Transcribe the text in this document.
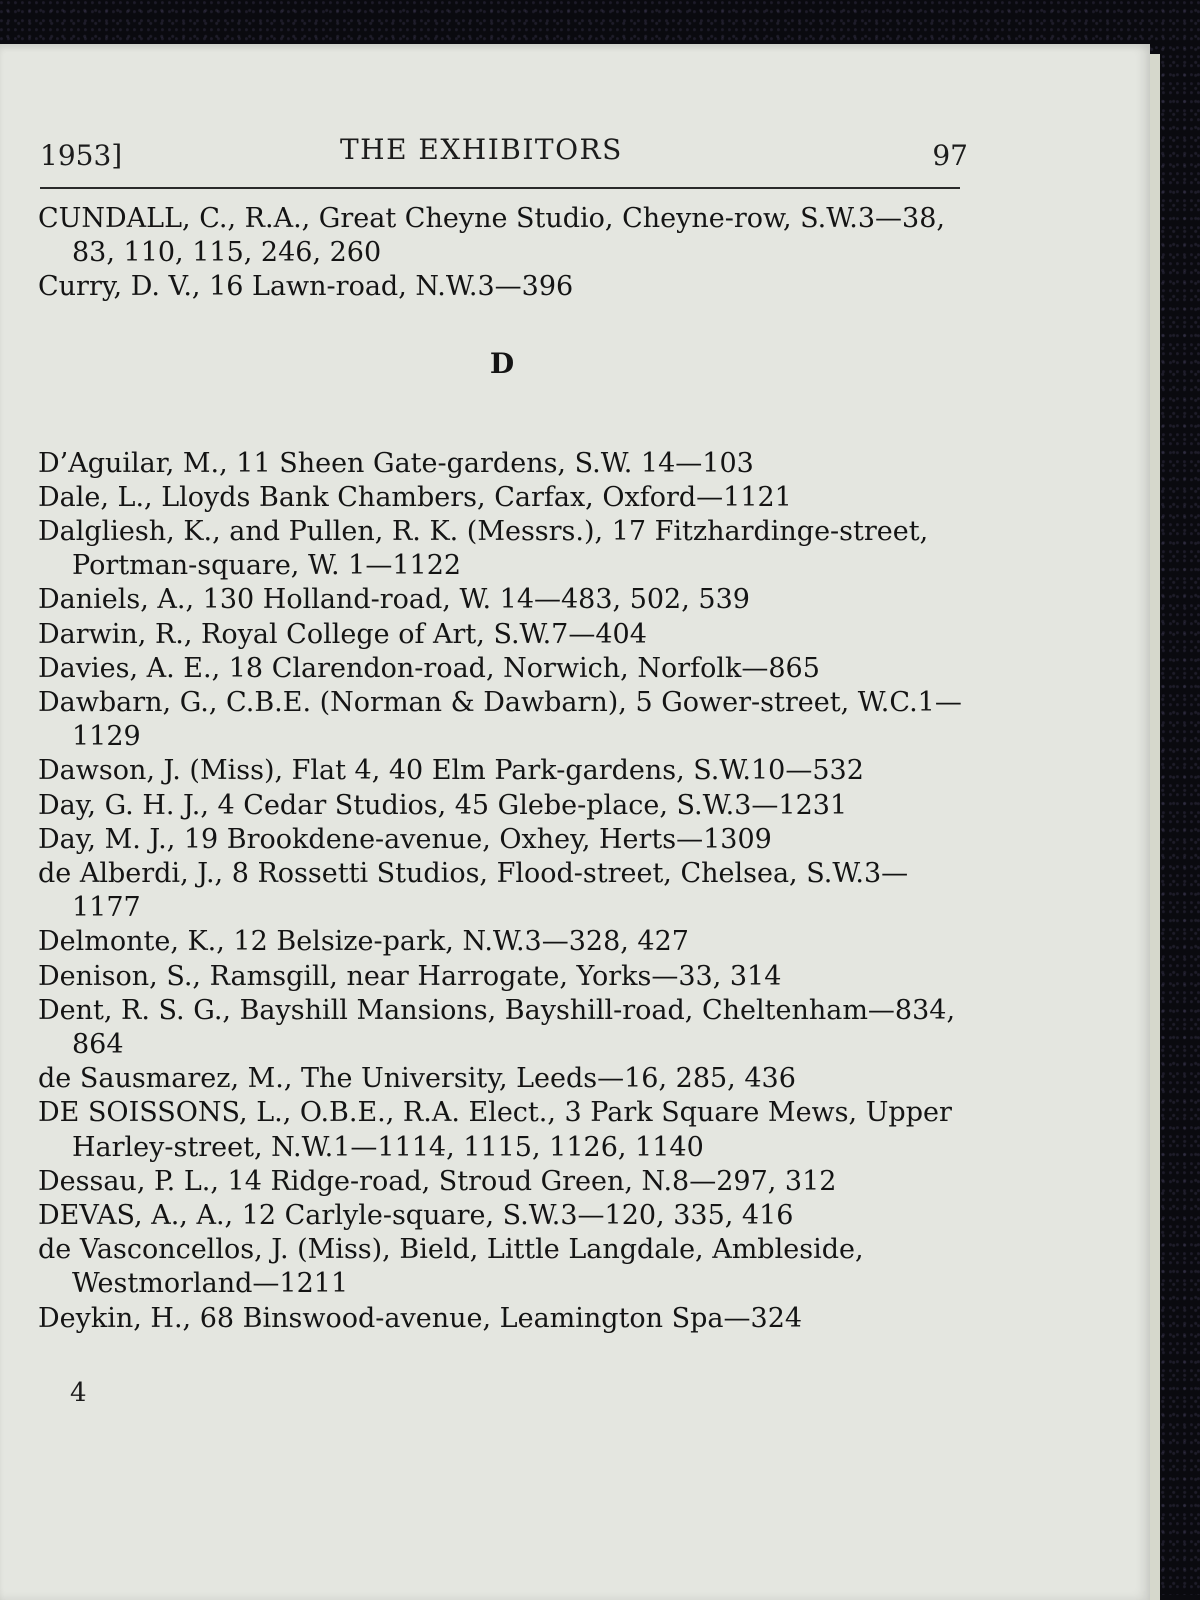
1953]	THE EXHIBITORS	97

CUNDALL, C., R.A., Great Cheyne Studio, Cheyne-row, S.W.3—38, 83, 110, 115, 246, 260

Curry, D. V., 16 Lawn-road, N.W.3—396

D

D’Aguilar, M., 11 Sheen Gate-gardens, S.W. 14—103

Dale, L., Lloyds Bank Chambers, Carfax, Oxford—1121

Dalgliesh, K., and Pullen, R. K. (Messrs.), 17 Fitzhardinge-street, Portman-square, W. 1—1122

Daniels, A., 130 Holland-road, W. 14—483, 502, 539

Darwin, R., Royal College of Art, S.W.7—404

Davies, A. E., 18 Clarendon-road, Norwich, Norfolk—865

Dawbarn, G., C.B.E. (Norman & Dawbarn), 5 Gower-street, W.C.1—1129

Dawson, J. (Miss), Flat 4, 40 Elm Park-gardens, S.W.10—532

Day, G. H. J., 4 Cedar Studios, 45 Glebe-place, S.W.3—1231

Day, M. J., 19 Brookdene-avenue, Oxhey, Herts—1309

de Alberdi, J., 8 Rossetti Studios, Flood-street, Chelsea, S.W.3—1177

Delmonte, K., 12 Belsize-park, N.W.3—328, 427

Denison, S., Ramsgill, near Harrogate, Yorks—33, 314

Dent, R. S. G., Bayshill Mansions, Bayshill-road, Cheltenham—834, 864

de Sausmarez, M., The University, Leeds—16, 285, 436

DE SOISSONS, L., O.B.E., R.A. Elect., 3 Park Square Mews, Upper Harley-street, N.W.1—1114, 1115, 1126, 1140

Dessau, P. L., 14 Ridge-road, Stroud Green, N.8—297, 312

DEVAS, A., A., 12 Carlyle-square, S.W.3—120, 335, 416

de Vasconcellos, J. (Miss), Bield, Little Langdale, Ambleside, Westmorland—1211

Deykin, H., 68 Binswood-avenue, Leamington Spa—324

4
